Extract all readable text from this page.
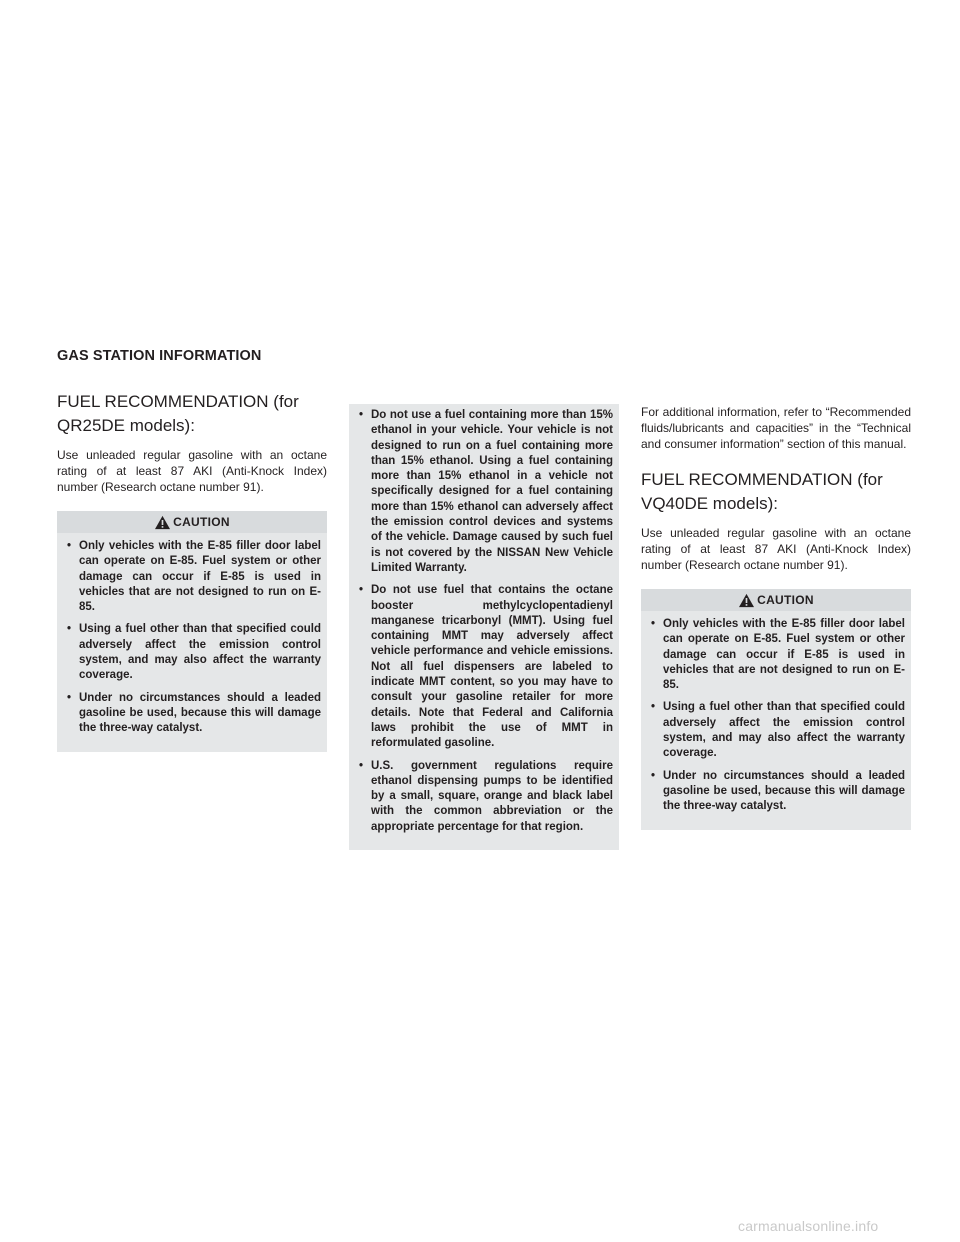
GAS STATION INFORMATION
FUEL RECOMMENDATION (for QR25DE models):

Use unleaded regular gasoline with an octane rating of at least 87 AKI (Anti-Knock Index) number (Research octane number 91).

CAUTION
• Only vehicles with the E-85 filler door label can operate on E-85. Fuel system or other damage can occur if E-85 is used in vehicles that are not designed to run on E-85.
• Using a fuel other than that specified could adversely affect the emission control system, and may also affect the warranty coverage.
• Under no circumstances should a leaded gasoline be used, because this will damage the three-way catalyst.
• Do not use a fuel containing more than 15% ethanol in your vehicle. Your vehicle is not designed to run on a fuel containing more than 15% ethanol. Using a fuel containing more than 15% ethanol in a vehicle not specifically designed for a fuel containing more than 15% ethanol can adversely affect the emission control devices and systems of the vehicle. Damage caused by such fuel is not covered by the NISSAN New Vehicle Limited Warranty.
• Do not use fuel that contains the octane booster methylcyclopentadienyl manganese tricarbonyl (MMT). Using fuel containing MMT may adversely affect vehicle performance and vehicle emissions. Not all fuel dispensers are labeled to indicate MMT content, so you may have to consult your gasoline retailer for more details. Note that Federal and California laws prohibit the use of MMT in reformulated gasoline.
• U.S. government regulations require ethanol dispensing pumps to be identified by a small, square, orange and black label with the common abbreviation or the appropriate percentage for that region.

For additional information, refer to “Recommended fluids/lubricants and capacities” in the “Technical and consumer information” section of this manual.

FUEL RECOMMENDATION (for VQ40DE models):

Use unleaded regular gasoline with an octane rating of at least 87 AKI (Anti-Knock Index) number (Research octane number 91).

CAUTION
• Only vehicles with the E-85 filler door label can operate on E-85. Fuel system or other damage can occur if E-85 is used in vehicles that are not designed to run on E-85.
• Using a fuel other than that specified could adversely affect the emission control system, and may also affect the warranty coverage.
• Under no circumstances should a leaded gasoline be used, because this will damage the three-way catalyst.
carmanualsonline.info
